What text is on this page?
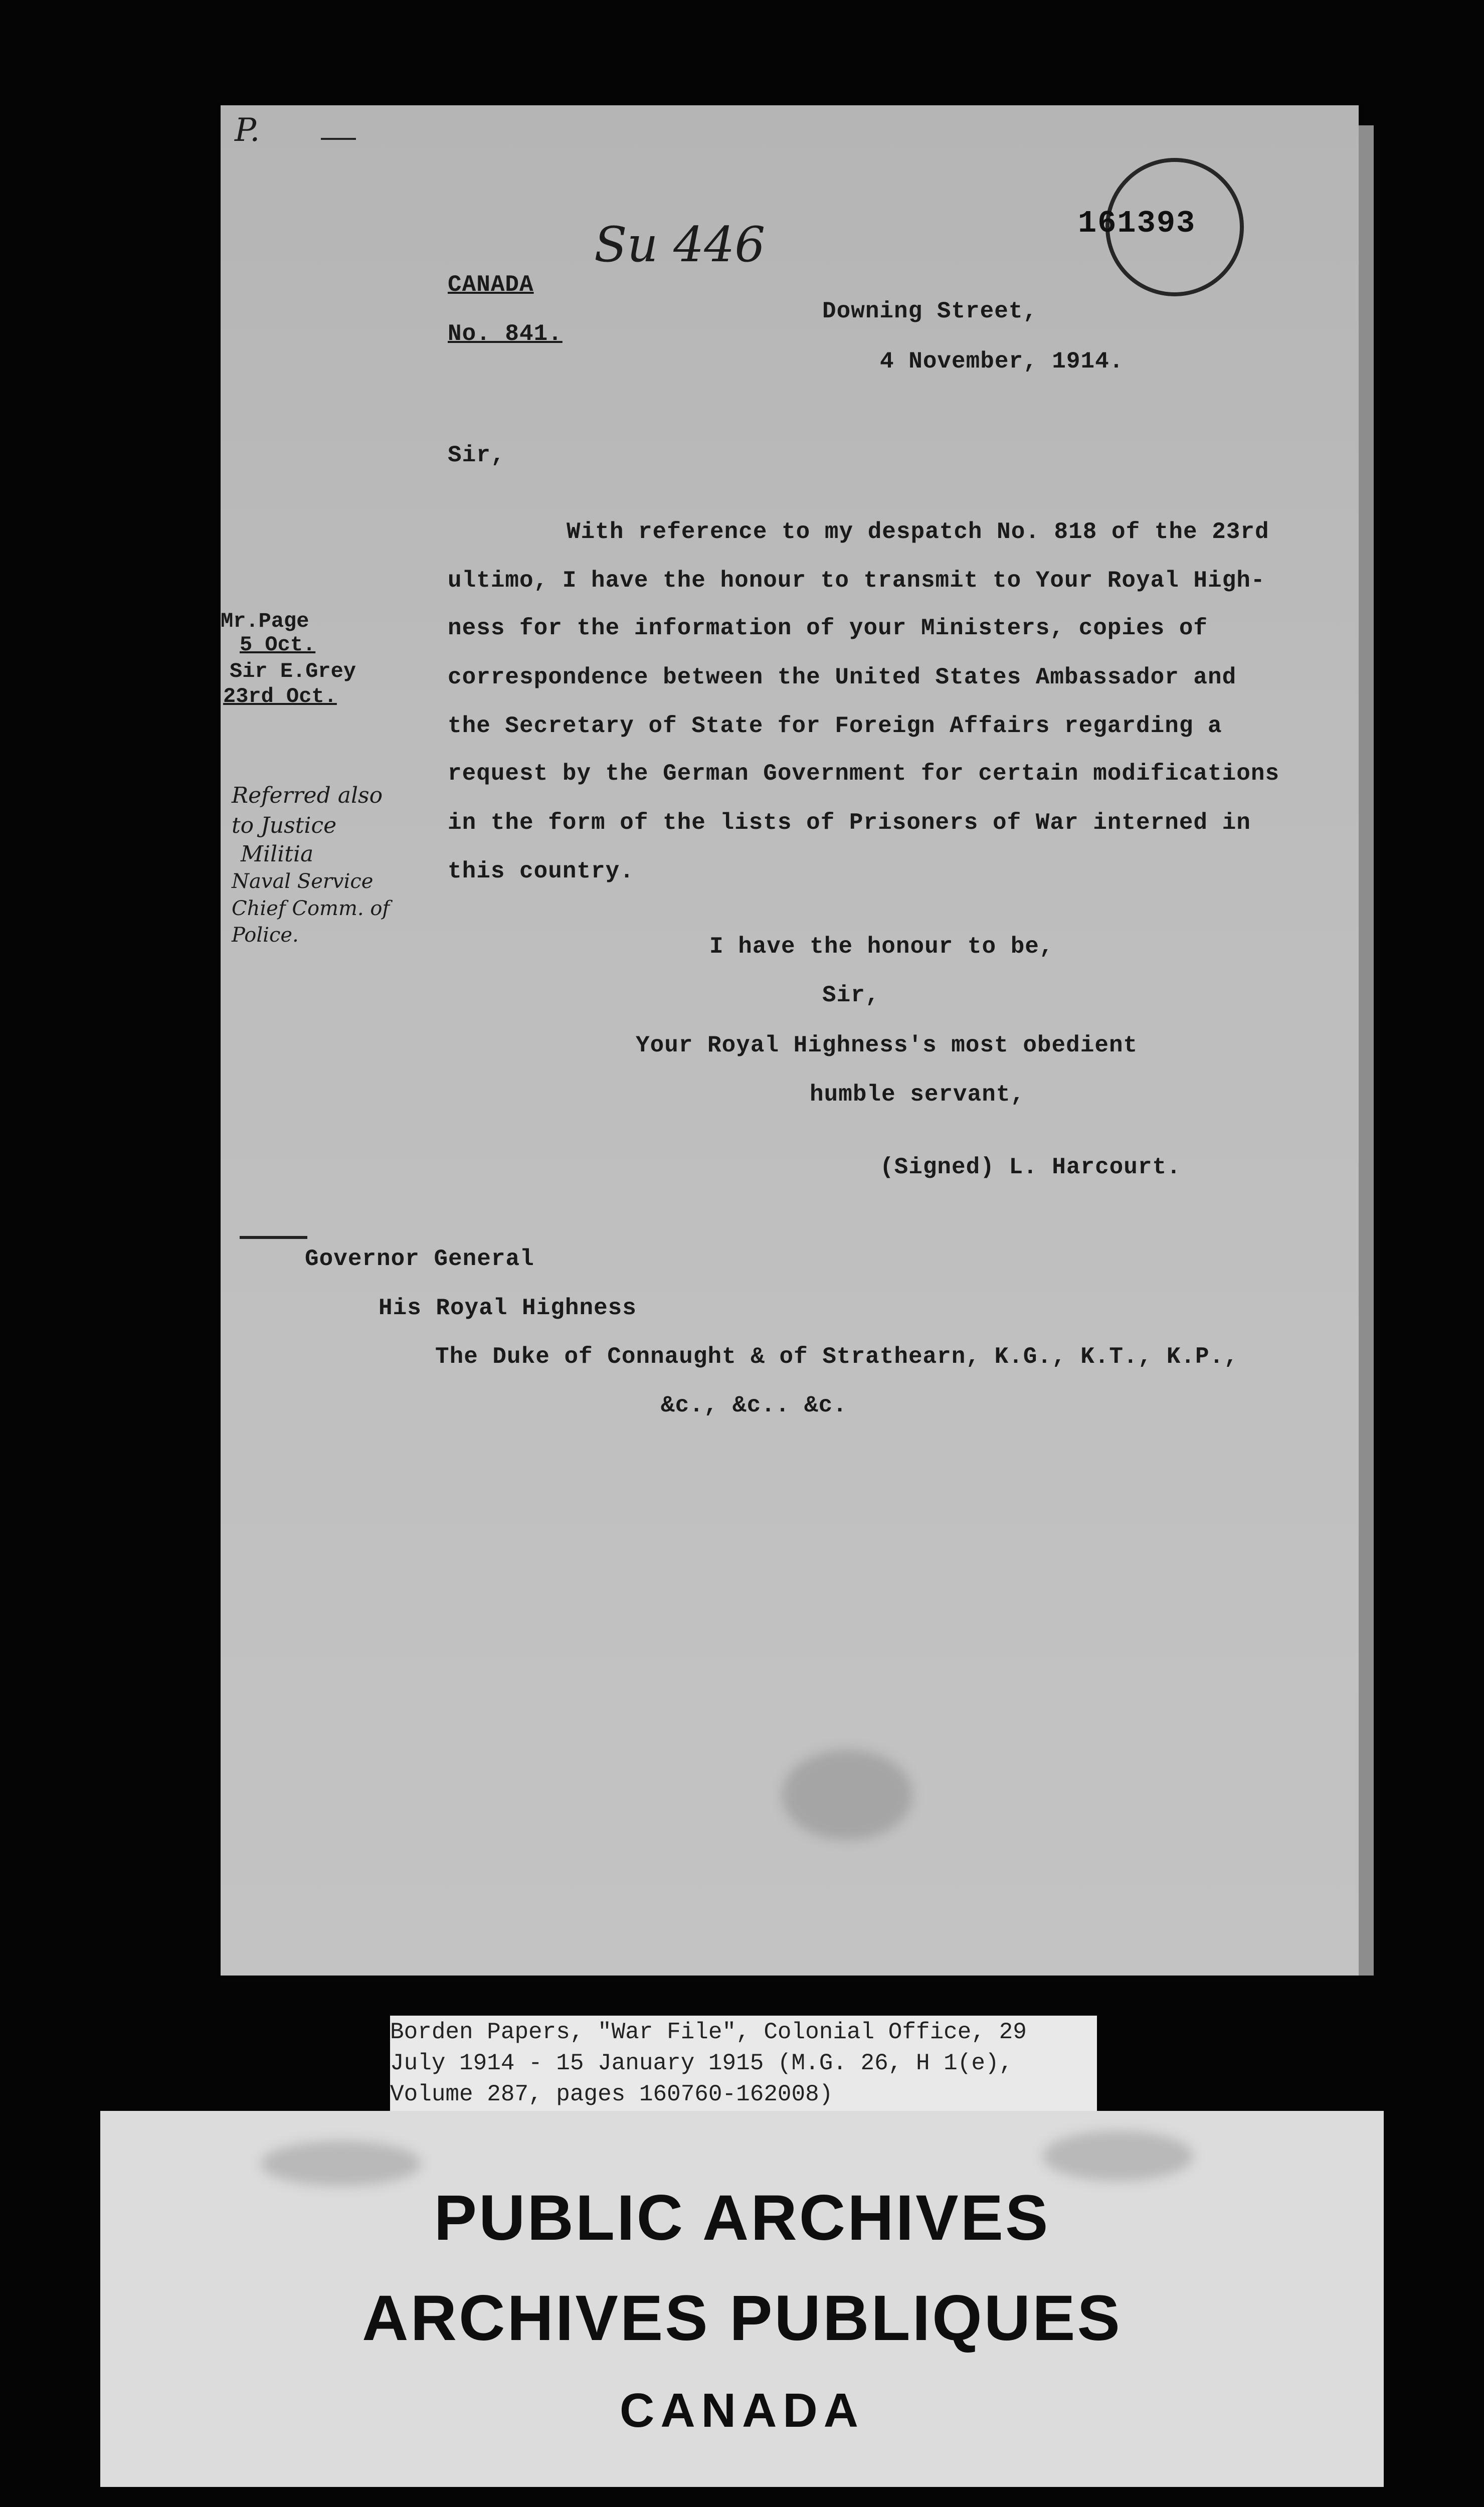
P.
Su 446	161393
CANADA
No. 841.
Downing Street,
4 November, 1914.
Sir,
With reference to my despatch No. 818 of the 23rd
ultimo, I have the honour to transmit to Your Royal High-
ness for the information of your Ministers, copies of
correspondence between the United States Ambassador and
the Secretary of State for Foreign Affairs regarding a
request by the German Government for certain modifications
in the form of the lists of Prisoners of War interned in
this country.
I have the honour to be,
Sir,
Your Royal Highness's most obedient
humble servant,
(Signed) L. Harcourt.
Governor General
His Royal Highness
The Duke of Connaught & of Strathearn, K.G., K.T., K.P.,
&c., &c.. &c.
Mr.Page
5 Oct.
Sir E.Grey
23rd Oct.
Referred also
to Justice
Militia
Naval Service
Chief Comm. of
Police.
Borden Papers, "War File", Colonial Office, 29
July 1914 - 15 January 1915 (M.G. 26, H 1(e),
Volume 287, pages 160760-162008)
PUBLIC ARCHIVES
ARCHIVES PUBLIQUES
CANADA
